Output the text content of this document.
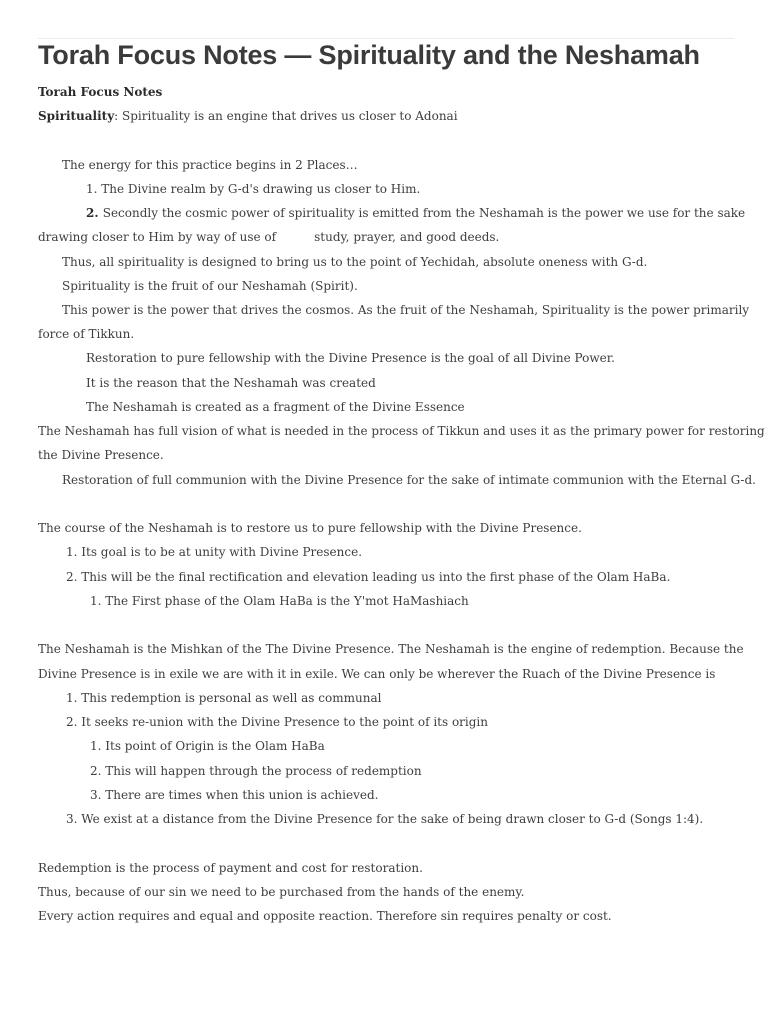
Torah Focus Notes — Spirituality and the Neshamah
Torah Focus Notes
Spirituality: Spirituality is an engine that drives us closer to Adonai
The energy for this practice begins in 2 Places…
1. The Divine realm by G-d's drawing us closer to Him.
2. Secondly the cosmic power of spirituality is emitted from the Neshamah is the power we use for the sake
drawing closer to Him by way of use of	study, prayer, and good deeds.
Thus, all spirituality is designed to bring us to the point of Yechidah, absolute oneness with G-d.
Spirituality is the fruit of our Neshamah (Spirit).
This power is the power that drives the cosmos. As the fruit of the Neshamah, Spirituality is the power primarily
force of Tikkun.
Restoration to pure fellowship with the Divine Presence is the goal of all Divine Power.
It is the reason that the Neshamah was created
The Neshamah is created as a fragment of the Divine Essence
The Neshamah has full vision of what is needed in the process of Tikkun and uses it as the primary power for restoring
the Divine Presence.
Restoration of full communion with the Divine Presence for the sake of intimate communion with the Eternal G-d.
The course of the Neshamah is to restore us to pure fellowship with the Divine Presence.
1. Its goal is to be at unity with Divine Presence.
2. This will be the final rectification and elevation leading us into the first phase of the Olam HaBa.
1. The First phase of the Olam HaBa is the Y'mot HaMashiach
The Neshamah is the Mishkan of the The Divine Presence. The Neshamah is the engine of redemption. Because the
Divine Presence is in exile we are with it in exile. We can only be wherever the Ruach of the Divine Presence is
1. This redemption is personal as well as communal
2. It seeks re-union with the Divine Presence to the point of its origin
1. Its point of Origin is the Olam HaBa
2. This will happen through the process of redemption
3. There are times when this union is achieved.
3. We exist at a distance from the Divine Presence for the sake of being drawn closer to G-d (Songs 1:4).
Redemption is the process of payment and cost for restoration.
Thus, because of our sin we need to be purchased from the hands of the enemy.
Every action requires and equal and opposite reaction. Therefore sin requires penalty or cost.
